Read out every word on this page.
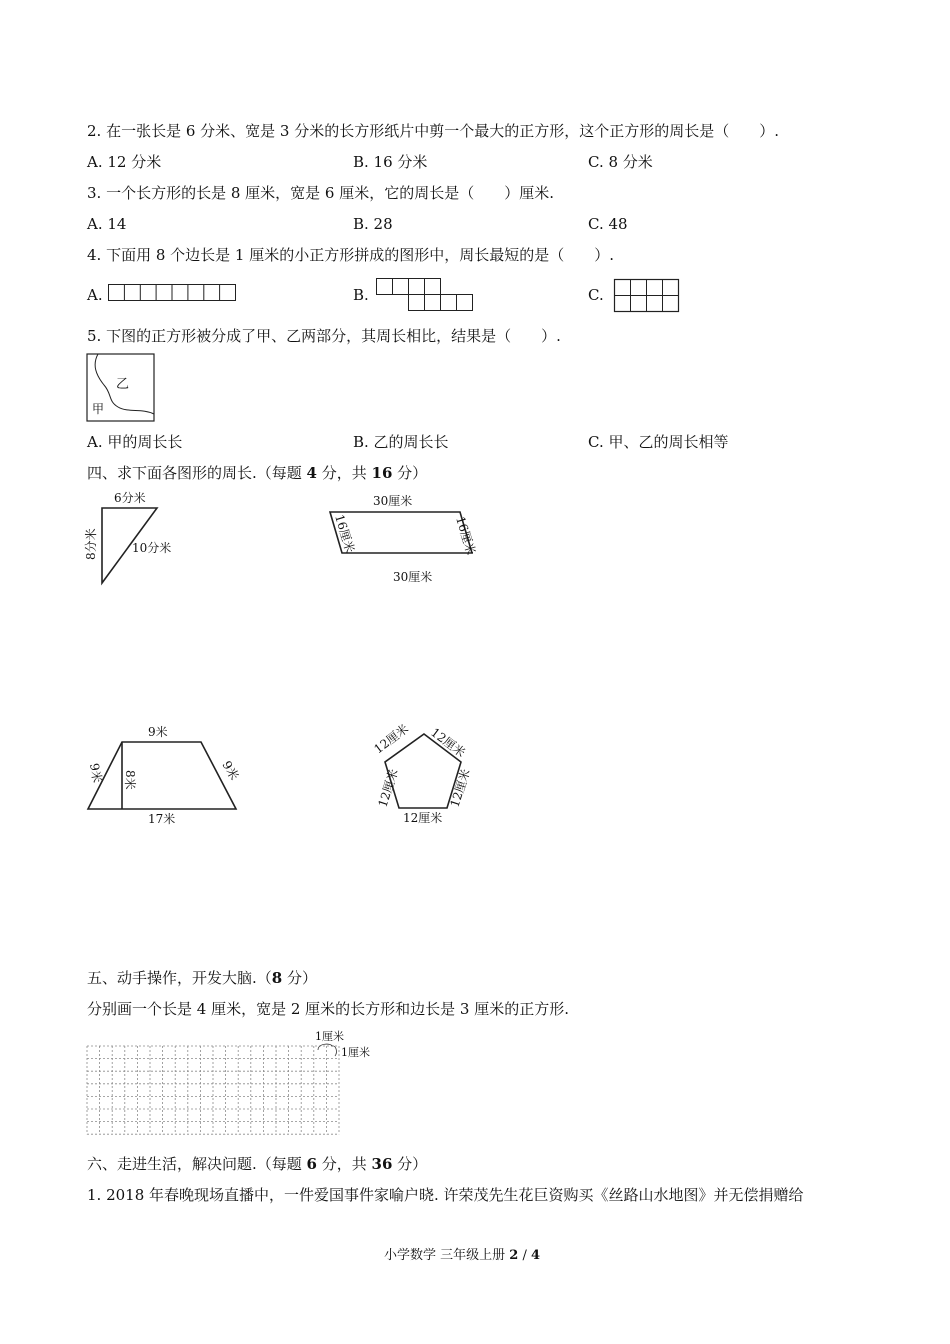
2. 在一张长是 6 分米、宽是 3 分米的长方形纸片中剪一个最大的正方形，这个正方形的周长是（　　）.
A. 12 分米	B. 16 分米	C. 8 分米
3. 一个长方形的长是 8 厘米，宽是 6 厘米，它的周长是（　　）厘米.
A. 14	B. 28	C. 48
4. 下面用 8 个边长是 1 厘米的小正方形拼成的图形中，周长最短的是（　　）.
A.	B.	C.
5. 下图的正方形被分成了甲、乙两部分，其周长相比，结果是（　　）.
乙
甲
A. 甲的周长长	B. 乙的周长长	C. 甲、乙的周长相等
四、求下面各图形的周长.（每题 4 分，共 16 分）
6分米
8分米	10分米
30厘米
30厘米
16厘米	16厘米
9米
9米	9米
8米
17米
12厘米 12厘米
12厘米	12厘米
12厘米
五、动手操作，开发大脑.（8 分）
分别画一个长是 4 厘米，宽是 2 厘米的长方形和边长是 3 厘米的正方形.
1厘米
1厘米
六、走进生活，解决问题.（每题 6 分，共 36 分）
1. 2018 年春晚现场直播中，一件爱国事件家喻户晓. 许荣茂先生花巨资购买《丝路山水地图》并无偿捐赠给
小学数学 三年级上册 2 / 4
